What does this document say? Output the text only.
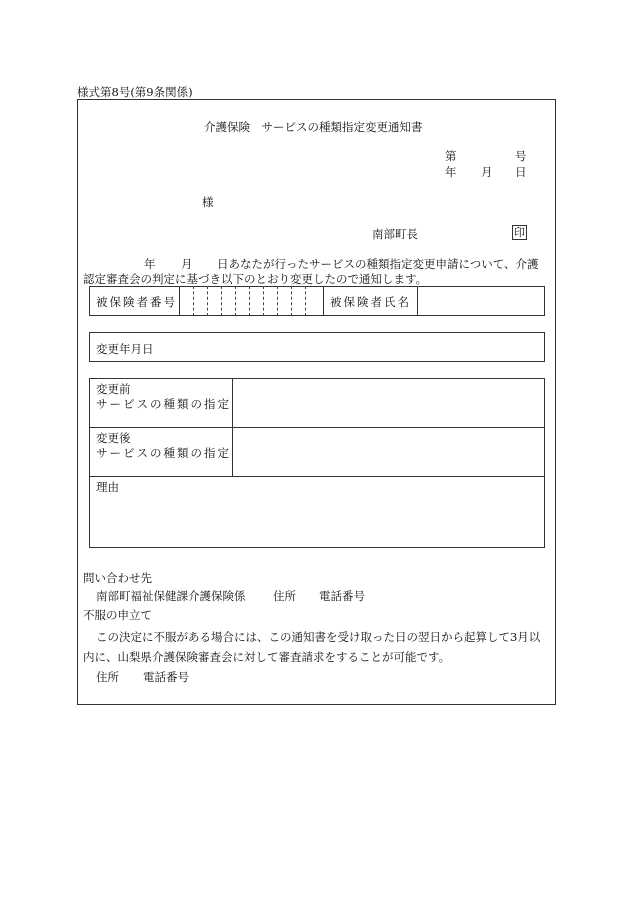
様式第8号(第9条関係)
介護保険　サービスの種類指定変更通知書
第	号
年 月 日
様
南部町長	印
年 月 日あなたが行ったサービスの種類指定変更申請について、介護
認定審査会の判定に基づき以下のとおり変更したので通知します。
被保険者番号	被保険者氏名
変更年月日
変更前
サービスの種類の指定
変更後
サービスの種類の指定
理由
問い合わせ先
南部町福祉保健課介護保険係 住所 電話番号
不服の申立て
この決定に不服がある場合には、この通知書を受け取った日の翌日から起算して3月以
内に、山梨県介護保険審査会に対して審査請求をすることが可能です。
住所 電話番号
